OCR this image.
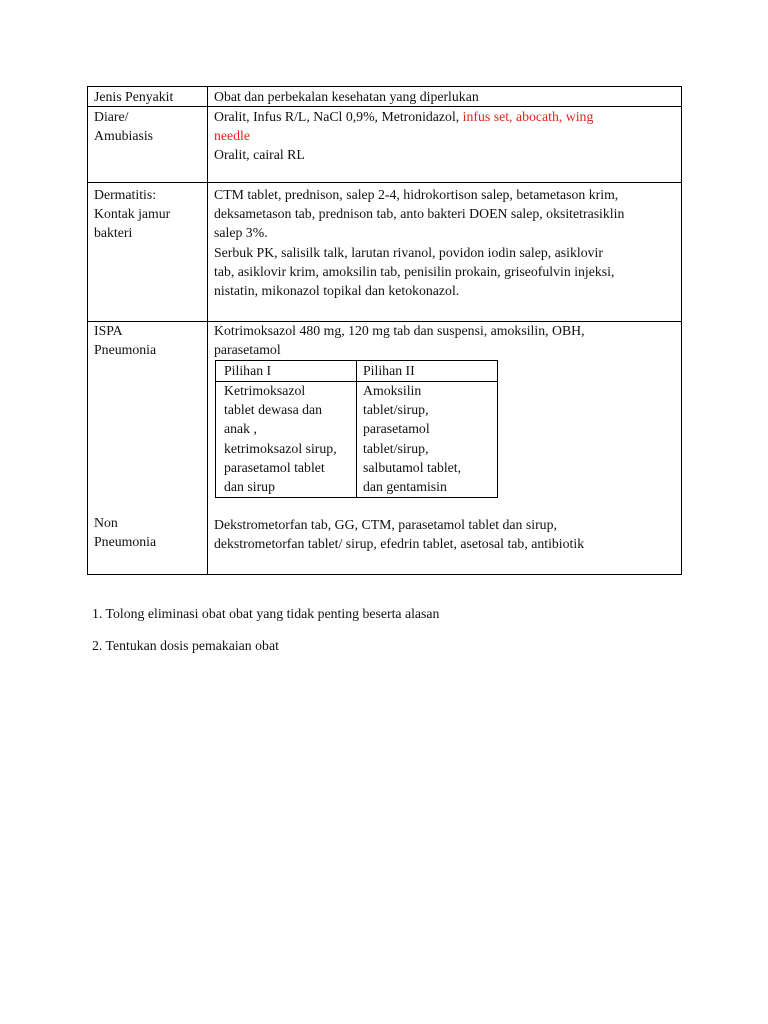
Jenis Penyakit	Obat dan perbekalan kesehatan yang diperlukan

Diare/

Amubiasis

Oralit, Infus R/L, NaCl 0,9%, Metronidazol, infus set, abocath, wing

needle

Oralit, cairal RL

Dermatitis:

Kontak jamur

bakteri

CTM tablet, prednison, salep 2-4, hidrokortison salep, betametason krim,

deksametason tab, prednison tab, anto bakteri DOEN salep, oksitetrasiklin

salep 3%.

Serbuk PK, salisilk talk, larutan rivanol, povidon iodin salep, asiklovir

tab, asiklovir krim, amoksilin tab, penisilin prokain, griseofulvin injeksi,

nistatin, mikonazol topikal dan ketokonazol.

ISPA

Pneumonia

Kotrimoksazol 480 mg, 120 mg tab dan suspensi, amoksilin, OBH,

parasetamol

Pilihan I	Pilihan II

Ketrimoksazol

tablet dewasa dan

anak ,

ketrimoksazol sirup,

parasetamol tablet

dan sirup

Amoksilin

tablet/sirup,

parasetamol

tablet/sirup,

salbutamol tablet,

dan gentamisin

Non

Pneumonia

Dekstrometorfan tab, GG, CTM, parasetamol tablet dan sirup,

dekstrometorfan tablet/ sirup, efedrin tablet, asetosal tab, antibiotik

1. Tolong eliminasi obat obat yang tidak penting beserta alasan
2. Tentukan dosis pemakaian obat
